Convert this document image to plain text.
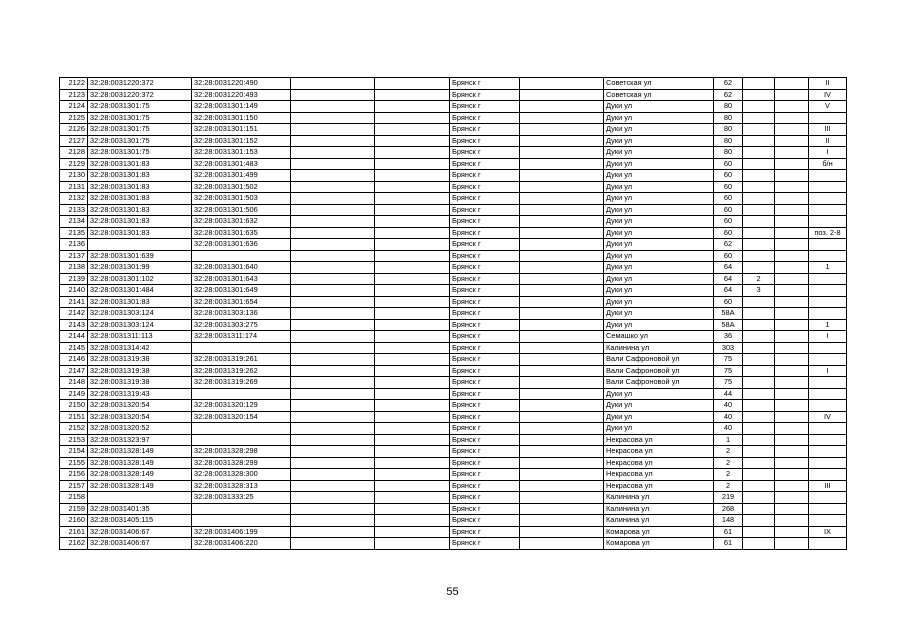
2122	32:28:0031220:372	32:28:0031220:490			Брянск г		Советская ул	62			II
2123	32:28:0031220:372	32:28:0031220:493			Брянск г		Советская ул	62			IV
2124	32:28:0031301:75	32:28:0031301:149			Брянск г		Дуки ул	80			V
2125	32:28:0031301:75	32:28:0031301:150			Брянск г		Дуки ул	80			
2126	32:28:0031301:75	32:28:0031301:151			Брянск г		Дуки ул	80			III
2127	32:28:0031301:75	32:28:0031301:152			Брянск г		Дуки ул	80			II
2128	32:28:0031301:75	32:28:0031301:153			Брянск г		Дуки ул	80			I
2129	32:28:0031301:83	32:28:0031301:483			Брянск г		Дуки ул	60			б/н
2130	32:28:0031301:83	32:28:0031301:499			Брянск г		Дуки ул	60			
2131	32:28:0031301:83	32:28:0031301:502			Брянск г		Дуки ул	60			
2132	32:28:0031301:83	32:28:0031301:503			Брянск г		Дуки ул	60			
2133	32:28:0031301:83	32:28:0031301:506			Брянск г		Дуки ул	60			
2134	32:28:0031301:83	32:28:0031301:632			Брянск г		Дуки ул	60			
2135	32:28:0031301:83	32:28:0031301:635			Брянск г		Дуки ул	60			поз. 2-8
2136		32:28:0031301:636			Брянск г		Дуки ул	62			
2137	32:28:0031301:639				Брянск г		Дуки ул	60			
2138	32:28:0031301:99	32:28:0031301:640			Брянск г		Дуки ул	64			1
2139	32:28:0031301:102	32:28:0031301:643			Брянск г		Дуки ул	64	2		
2140	32:28:0031301:484	32:28:0031301:649			Брянск г		Дуки ул	64	3		
2141	32:28:0031301:83	32:28:0031301:654			Брянск г		Дуки ул	60			
2142	32:28:0031303:124	32:28:0031303:136			Брянск г		Дуки ул	58А			
2143	32:28:0031303:124	32:28:0031303:275			Брянск г		Дуки ул	58А			1
2144	32:28:0031311:113	32:28:0031311:174			Брянск г		Семашко ул	36			I
2145	32:28:0031314:42				Брянск г		Калинина ул	303			
2146	32:28:0031319:38	32:28:0031319:261			Брянск г		Вали Сафроновой ул	75			
2147	32:28:0031319:38	32:28:0031319:262			Брянск г		Вали Сафроновой ул	75			I
2148	32:28:0031319:38	32:28:0031319:269			Брянск г		Вали Сафроновой ул	75			
2149	32:28:0031319:43				Брянск г		Дуки ул	44			
2150	32:28:0031320:54	32:28:0031320:129			Брянск г		Дуки ул	40			
2151	32:28:0031320:54	32:28:0031320:154			Брянск г		Дуки ул	40			IV
2152	32:28:0031320:52				Брянск г		Дуки ул	40			
2153	32:28:0031323:97				Брянск г		Некрасова ул	1			
2154	32:28:0031328:149	32:28:0031328:298			Брянск г		Некрасова ул	2			
2155	32:28:0031328:149	32:28:0031328:299			Брянск г		Некрасова ул	2			
2156	32:28:0031328:149	32:28:0031328:300			Брянск г		Некрасова ул	2			
2157	32:28:0031328:149	32:28:0031328:313			Брянск г		Некрасова ул	2			III
2158		32:28:0031333:25			Брянск г		Калинина ул	219			
2159	32:28:0031401:35				Брянск г		Калинина ул	268			
2160	32:28:0031405:115				Брянск г		Калинина ул	148			
2161	32:28:0031406:67	32:28:0031406:199			Брянск г		Комарова ул	61			IX
2162	32:28:0031406:67	32:28:0031406:220			Брянск г		Комарова ул	61			
55
